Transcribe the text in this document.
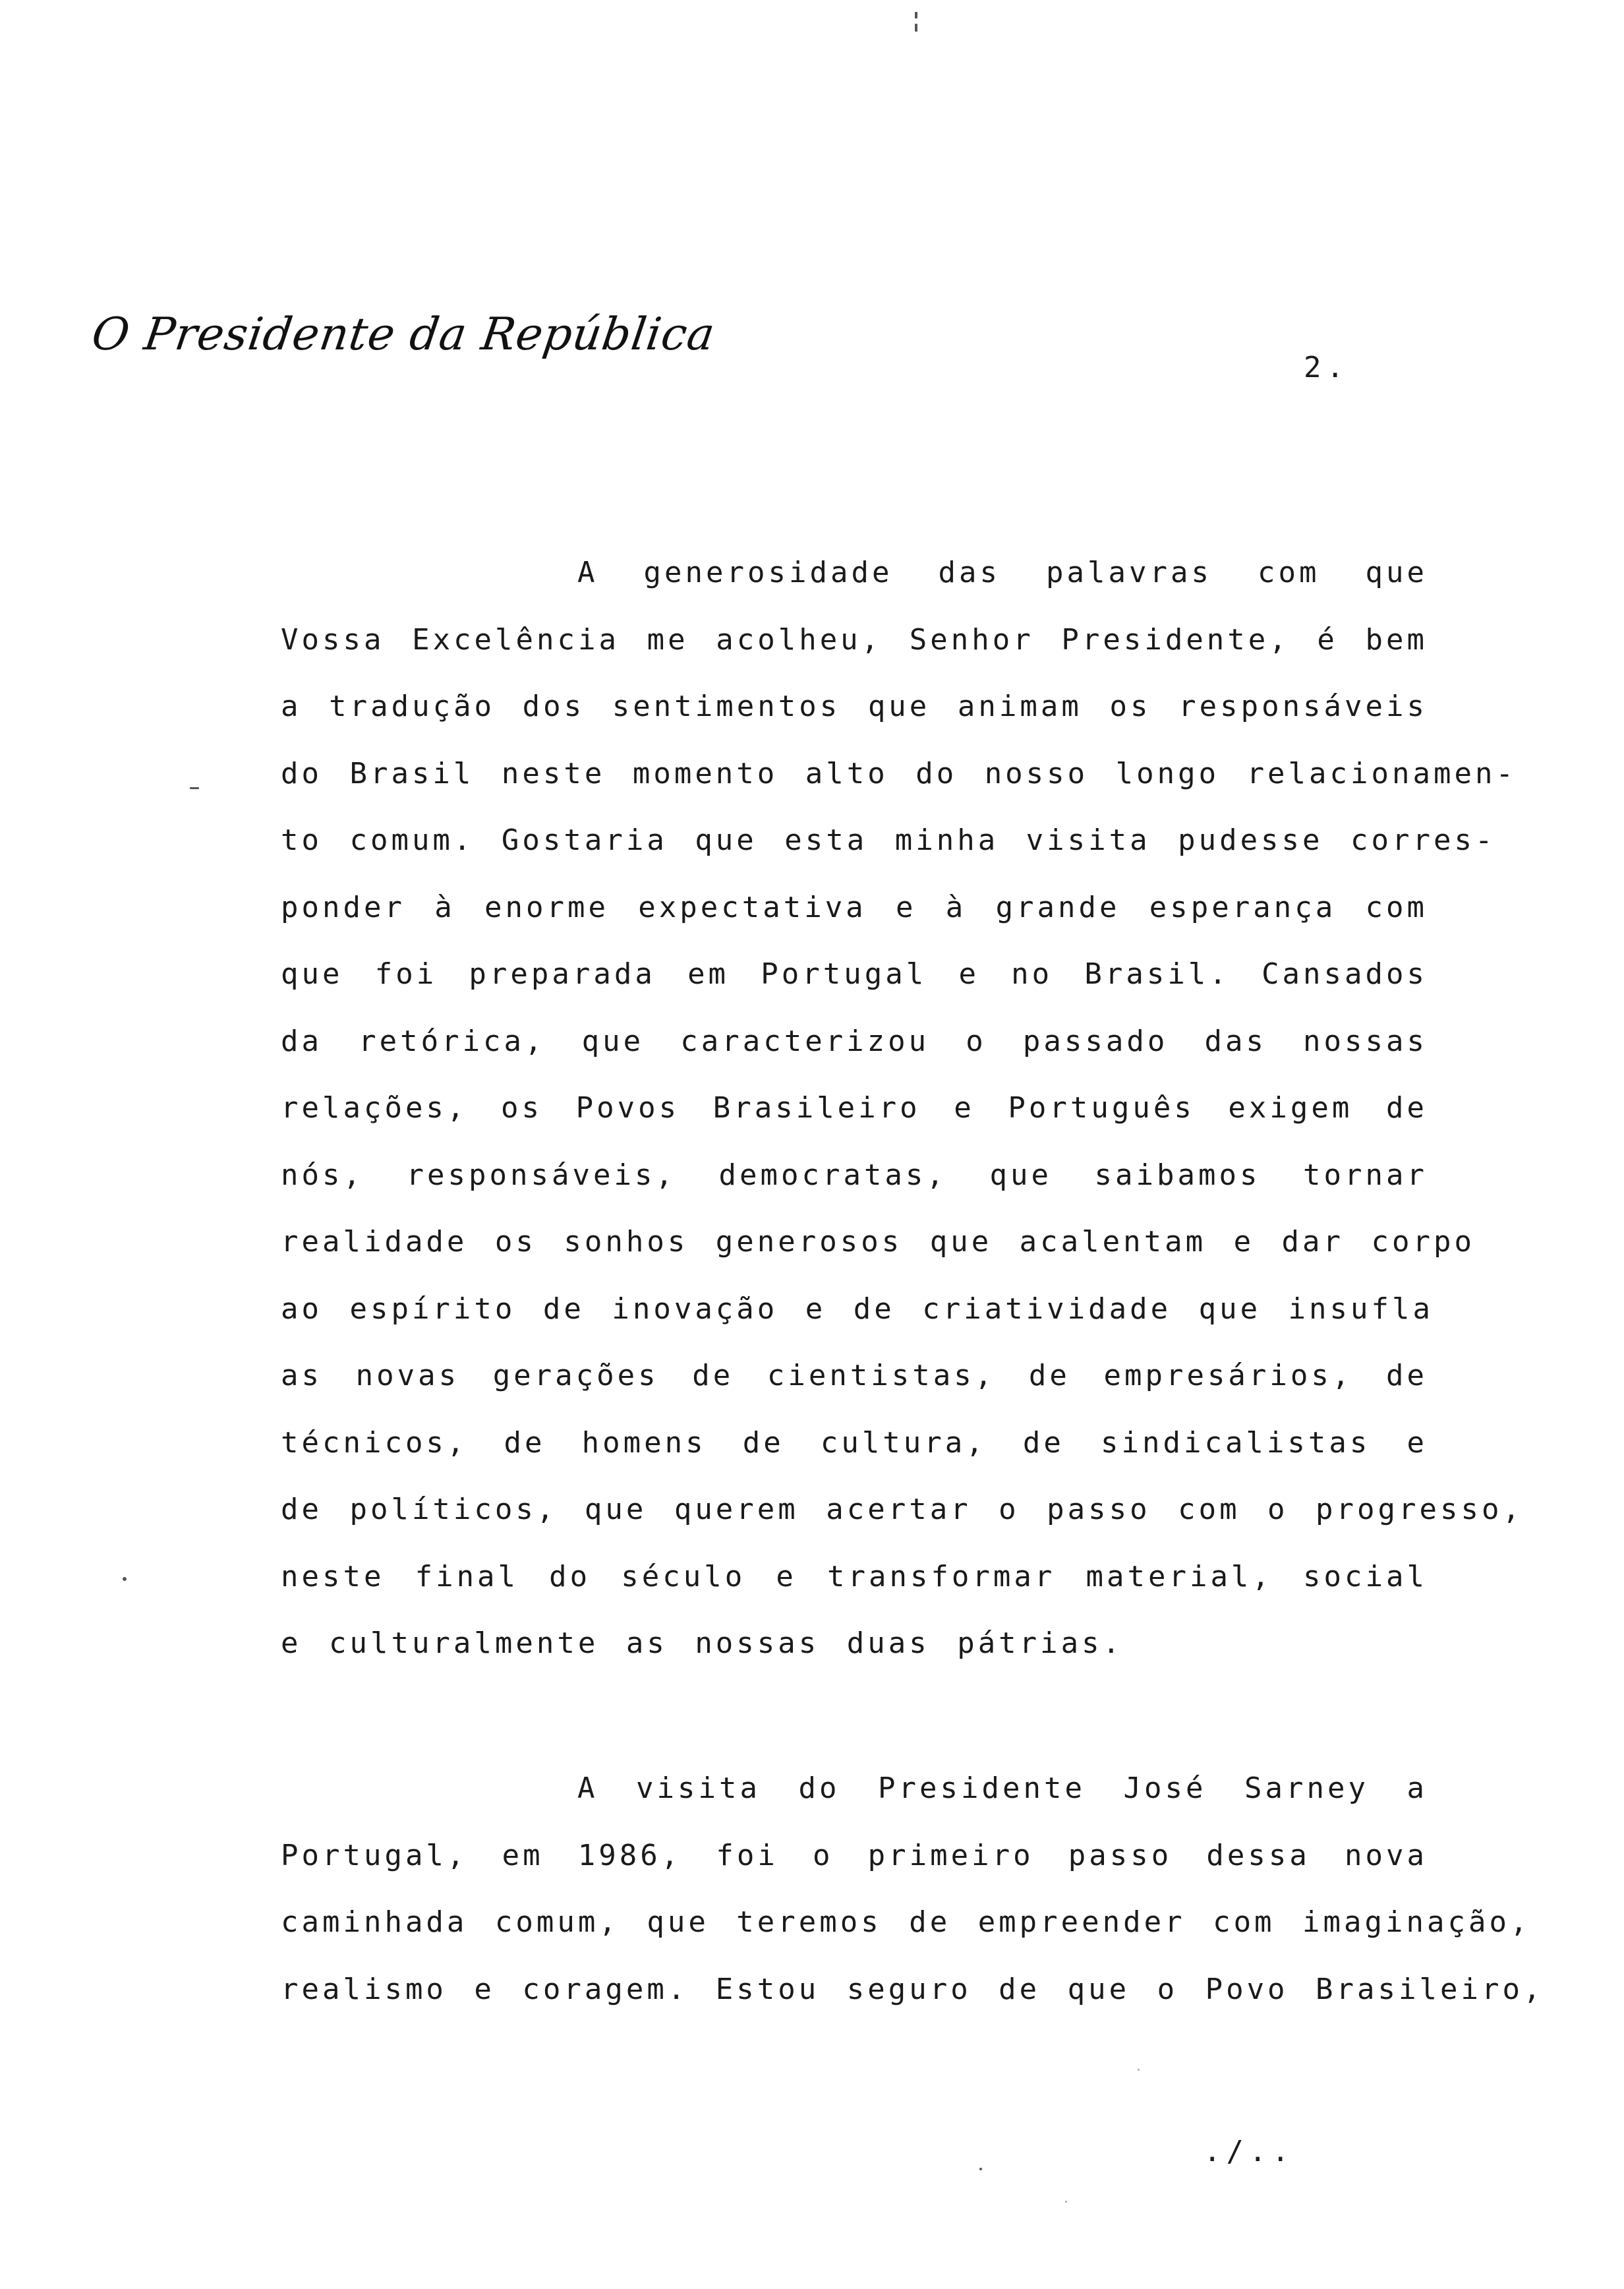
O Presidente da República
2.
A generosidade das palavras com que
Vossa Excelência me acolheu, Senhor Presidente, é bem
a tradução dos sentimentos que animam os responsáveis
do Brasil neste momento alto do nosso longo relacionamen-
to comum. Gostaria que esta minha visita pudesse corres-
ponder à enorme expectativa e à grande esperança com
que foi preparada em Portugal e no Brasil. Cansados
da retórica, que caracterizou o passado das nossas
relações, os Povos Brasileiro e Português exigem de
nós, responsáveis, democratas, que saibamos tornar
realidade os sonhos generosos que acalentam e dar corpo
ao espírito de inovação e de criatividade que insufla
as novas gerações de cientistas, de empresários, de
técnicos, de homens de cultura, de sindicalistas e
de políticos, que querem acertar o passo com o progresso,
neste final do século e transformar material, social
e culturalmente as nossas duas pátrias.
A visita do Presidente José Sarney a
Portugal, em 1986, foi o primeiro passo dessa nova
caminhada comum, que teremos de empreender com imaginação,
realismo e coragem. Estou seguro de que o Povo Brasileiro,
./..
